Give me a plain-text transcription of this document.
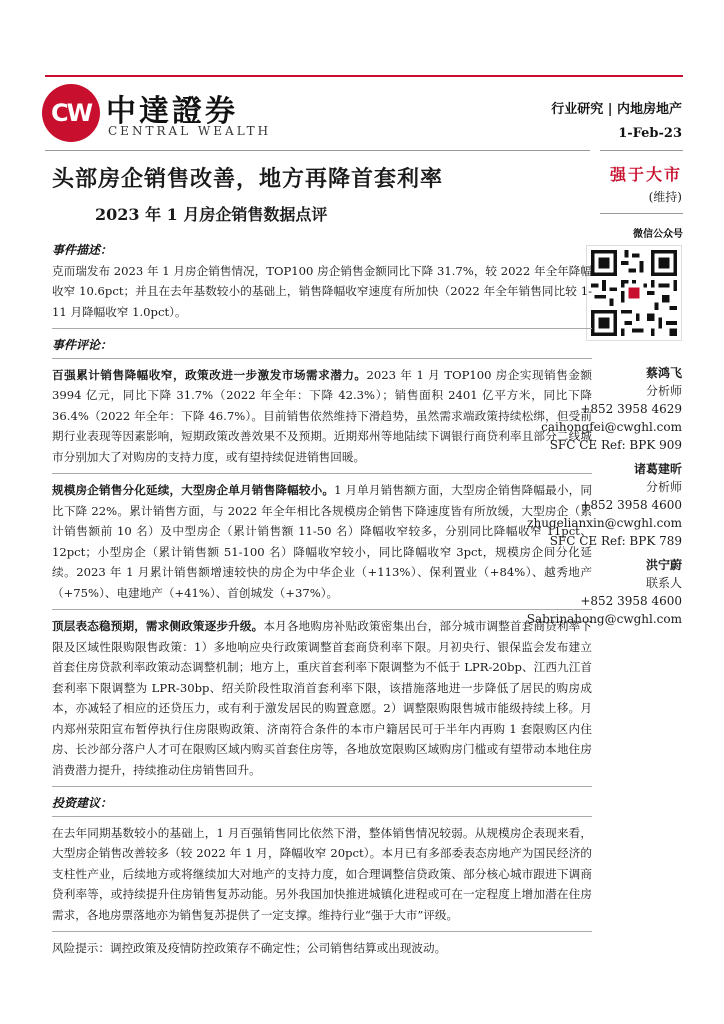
CW 中達證券
CENTRAL WEALTH
行业研究 | 内地房地产
1-Feb-23
头部房企销售改善，地方再降首套利率
2023 年 1 月房企销售数据点评
强于大市
(维持)
微信公众号
蔡鸿飞
分析师
+852 3958 4629
caihongfei@cwghl.com
SFC CE Ref: BPK 909
诸葛建昕
分析师
+852 3958 4600
zhugelianxin@cwghl.com
SFC CE Ref: BPK 789
洪宁蔚
联系人
+852 3958 4600
Sabrinahong@cwghl.com
事件描述：
克而瑞发布 2023 年 1 月房企销售情况，TOP100 房企销售金额同比下降 31.7%，较 2022 年全年降幅收窄 10.6pct；并且在去年基数较小的基础上，销售降幅收窄速度有所加快（2022 年全年销售同比较 1-11 月降幅收窄 1.0pct）。
事件评论：
百强累计销售降幅收窄，政策改进一步激发市场需求潜力。2023 年 1 月 TOP100 房企实现销售金额 3994 亿元，同比下降 31.7%（2022 年全年：下降 42.3%）；销售面积 2401 亿平方米，同比下降 36.4%（2022 年全年：下降 46.7%）。目前销售依然维持下滑趋势，虽然需求端政策持续松绑，但受前期行业表现等因素影响，短期政策改善效果不及预期。近期郑州等地陆续下调银行商贷利率且部分二线城市分别加大了对购房的支持力度，或有望持续促进销售回暖。
规模房企销售分化延续，大型房企单月销售降幅较小。1 月单月销售额方面，大型房企销售降幅最小，同比下降 22%。累计销售方面，与 2022 年全年相比各规模房企销售下降速度皆有所放缓，大型房企（累计销售额前 10 名）及中型房企（累计销售额 11-50 名）降幅收窄较多，分别同比降幅收窄 11pct、12pct；小型房企（累计销售额 51-100 名）降幅收窄较小，同比降幅收窄 3pct，规模房企间分化延续。2023 年 1 月累计销售额增速较快的房企为中华企业（+113%）、保利置业（+84%）、越秀地产（+75%）、电建地产（+41%）、首创城发（+37%）。
顶层表态稳预期，需求侧政策逐步升级。本月各地购房补贴政策密集出台，部分城市调整首套商贷利率下限及区域性限购限售政策：1）多地响应央行政策调整首套商贷利率下限。月初央行、银保监会发布建立首套住房贷款利率政策动态调整机制；地方上，重庆首套利率下限调整为不低于 LPR-20bp、江西九江首套利率下限调整为 LPR-30bp、绍关阶段性取消首套利率下限，该措施落地进一步降低了居民的购房成本，亦减轻了相应的还贷压力，或有利于激发居民的购置意愿。2）调整限购限售城市能级持续上移。月内郑州荥阳宣布暂停执行住房限购政策、济南符合条件的本市户籍居民可于半年内再购 1 套限购区内住房、长沙部分落户人才可在限购区域内购买首套住房等，各地放宽限购区域购房门槛或有望带动本地住房消费潜力提升，持续推动住房销售回升。
投资建议：
在去年同期基数较小的基础上，1 月百强销售同比依然下滑，整体销售情况较弱。从规模房企表现来看，大型房企销售改善较多（较 2022 年 1 月，降幅收窄 20pct）。本月已有多部委表态房地产为国民经济的支柱性产业，后续地方或将继续加大对地产的支持力度，如合理调整信贷政策、部分核心城市跟进下调商贷利率等，或持续提升住房销售复苏动能。另外我国加快推进城镇化进程或可在一定程度上增加潜在住房需求，各地房票落地亦为销售复苏提供了一定支撑。维持行业“强于大市”评级。
风险提示：调控政策及疫情防控政策存不确定性；公司销售结算或出现波动。
